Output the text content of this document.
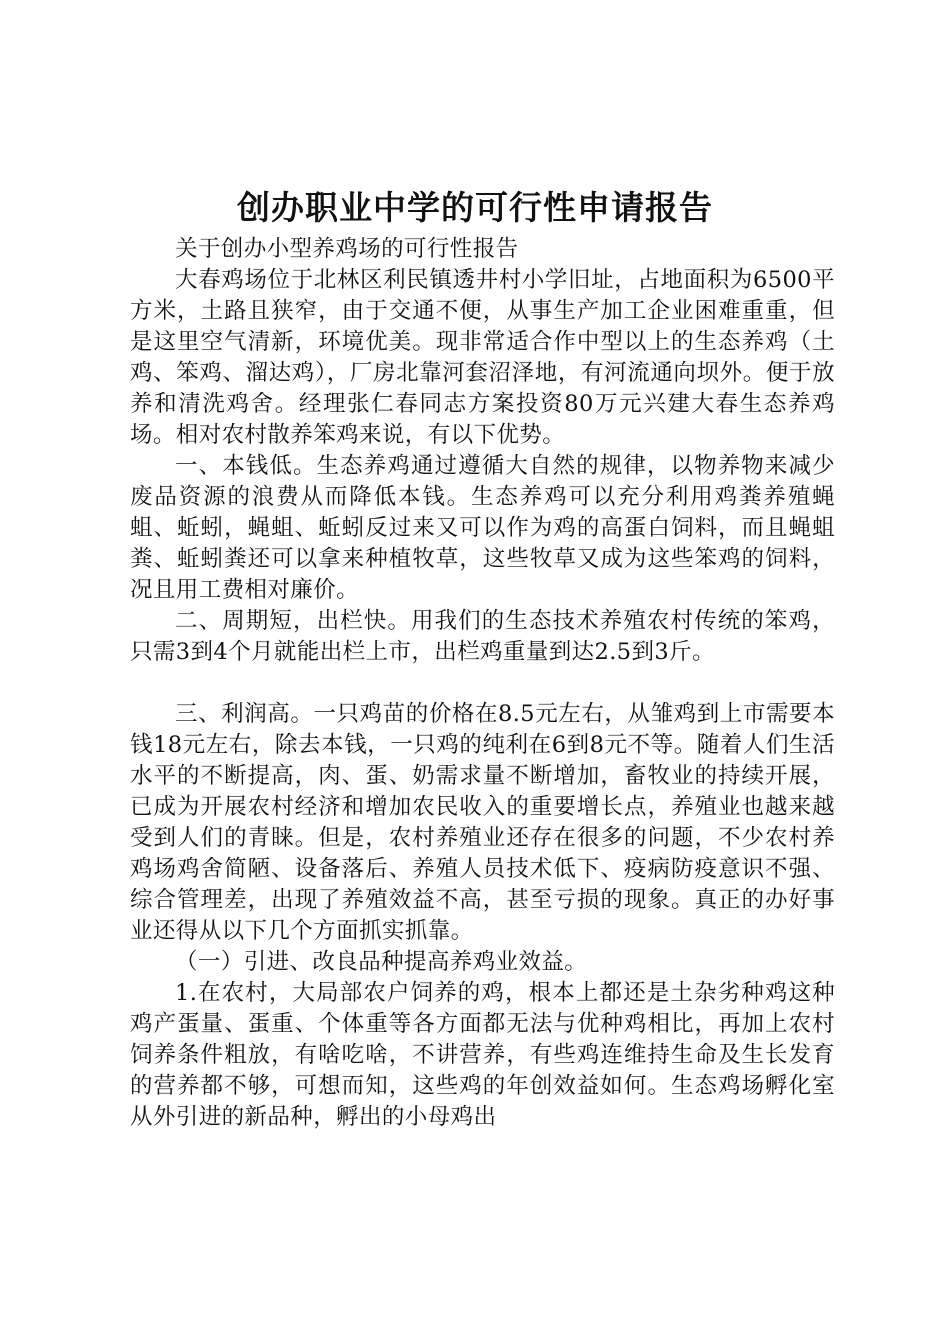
创办职业中学的可行性申请报告

关于创办小型养鸡场的可行性报告

大春鸡场位于北林区利民镇透井村小学旧址，占地面积为6500平方米，土路且狭窄，由于交通不便，从事生产加工企业困难重重，但是这里空气清新，环境优美。现非常适合作中型以上的生态养鸡（土鸡、笨鸡、溜达鸡），厂房北靠河套沼泽地，有河流通向坝外。便于放养和清洗鸡舍。经理张仁春同志方案投资80万元兴建大春生态养鸡场。相对农村散养笨鸡来说，有以下优势。

一、本钱低。生态养鸡通过遵循大自然的规律，以物养物来减少废品资源的浪费从而降低本钱。生态养鸡可以充分利用鸡粪养殖蝇蛆、蚯蚓，蝇蛆、蚯蚓反过来又可以作为鸡的高蛋白饲料，而且蝇蛆粪、蚯蚓粪还可以拿来种植牧草，这些牧草又成为这些笨鸡的饲料，况且用工费相对廉价。

二、周期短，出栏快。用我们的生态技术养殖农村传统的笨鸡，只需3到4个月就能出栏上市，出栏鸡重量到达2.5到3斤。

三、利润高。一只鸡苗的价格在8.5元左右，从雏鸡到上市需要本钱18元左右，除去本钱，一只鸡的纯利在6到8元不等。随着人们生活水平的不断提高，肉、蛋、奶需求量不断增加，畜牧业的持续开展，已成为开展农村经济和增加农民收入的重要增长点，养殖业也越来越受到人们的青睐。但是，农村养殖业还存在很多的问题，不少农村养鸡场鸡舍简陋、设备落后、养殖人员技术低下、疫病防疫意识不强、综合管理差，出现了养殖效益不高，甚至亏损的现象。真正的办好事业还得从以下几个方面抓实抓靠。

（一）引进、改良品种提高养鸡业效益。

1.在农村，大局部农户饲养的鸡，根本上都还是土杂劣种鸡这种鸡产蛋量、蛋重、个体重等各方面都无法与优种鸡相比，再加上农村饲养条件粗放，有啥吃啥，不讲营养，有些鸡连维持生命及生长发育的营养都不够，可想而知，这些鸡的年创效益如何。生态鸡场孵化室从外引进的新品种，孵出的小母鸡出
